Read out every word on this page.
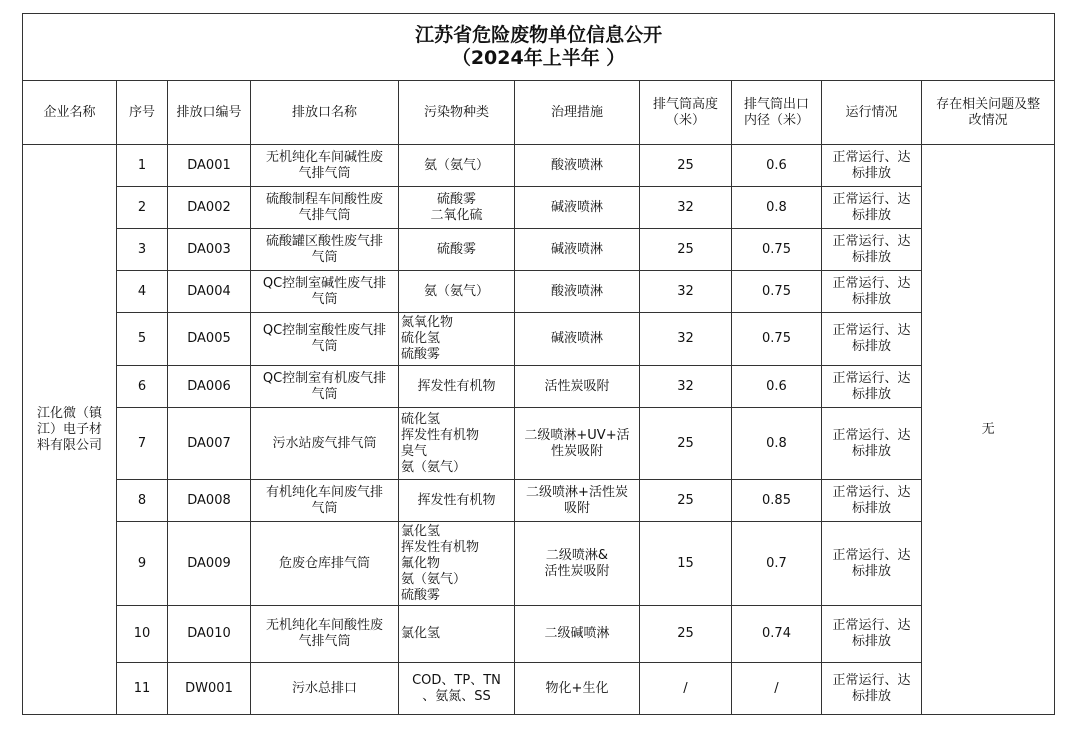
江苏省危险废物单位信息公开
（2024年上半年 ）									

企业名称	序号	排放口编号	排放口名称	污染物种类	治理措施	排气筒高度
（米）	排气筒出口
内径（米）	运行情况	存在相关问题及整
改情况

江化微（镇
江）电子材
料有限公司	1	DA001	无机纯化车间碱性废
气排气筒	氨（氨气）	酸液喷淋	25	0.6	正常运行、达
标排放	无

	2	DA002	硫酸制程车间酸性废
气排气筒	硫酸雾
二氧化硫	碱液喷淋	32	0.8	正常运行、达
标排放	

	3	DA003	硫酸罐区酸性废气排
气筒	硫酸雾	碱液喷淋	25	0.75	正常运行、达
标排放	

	4	DA004	QC控制室碱性废气排
气筒	氨（氨气）	酸液喷淋	32	0.75	正常运行、达
标排放	

	5	DA005	QC控制室酸性废气排
气筒	氮氧化物
硫化氢
硫酸雾	碱液喷淋	32	0.75	正常运行、达
标排放	

	6	DA006	QC控制室有机废气排
气筒	挥发性有机物	活性炭吸附	32	0.6	正常运行、达
标排放	

	7	DA007	污水站废气排气筒	硫化氢
挥发性有机物
臭气
氨（氨气）	二级喷淋+UV+活
性炭吸附	25	0.8	正常运行、达
标排放	

	8	DA008	有机纯化车间废气排
气筒	挥发性有机物	二级喷淋+活性炭
吸附	25	0.85	正常运行、达
标排放	

	9	DA009	危废仓库排气筒	氯化氢
挥发性有机物
氟化物
氨（氨气）
硫酸雾	二级喷淋&
活性炭吸附	15	0.7	正常运行、达
标排放	

	10	DA010	无机纯化车间酸性废
气排气筒	氯化氢	二级碱喷淋	25	0.74	正常运行、达
标排放	

	11	DW001	污水总排口	COD、TP、TN
、氨氮、SS	物化+生化	/	/	正常运行、达
标排放	
